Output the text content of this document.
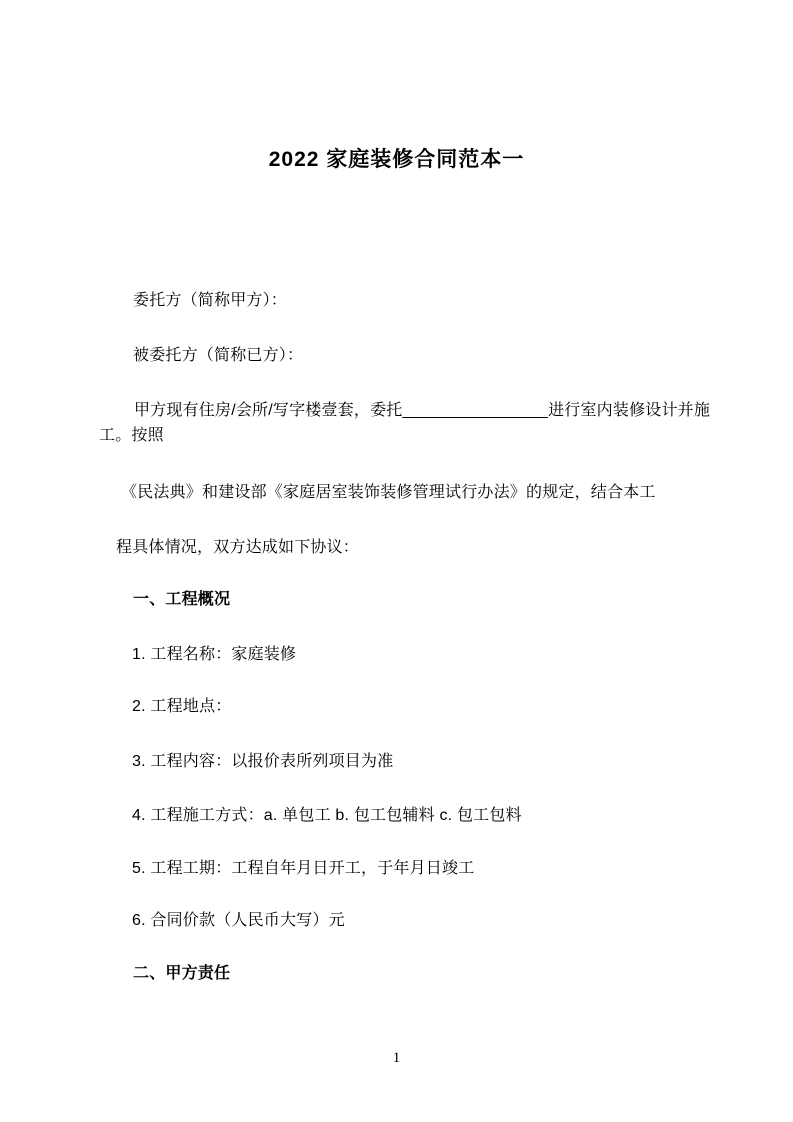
2022 家庭装修合同范本一
委托方（简称甲方）：
被委托方（简称已方）：
甲方现有住房/会所/写字楼壹套，委托________________进行室内装修设计并施
工。按照
《民法典》和建设部《家庭居室装饰装修管理试行办法》的规定，结合本工
程具体情况，双方达成如下协议：
一、工程概况
1. 工程名称：家庭装修
2. 工程地点：
3. 工程内容：以报价表所列项目为准
4. 工程施工方式：a. 单包工 b. 包工包辅料 c. 包工包料
5. 工程工期：工程自年月日开工，于年月日竣工
6. 合同价款（人民币大写）元
二、甲方责任
1
